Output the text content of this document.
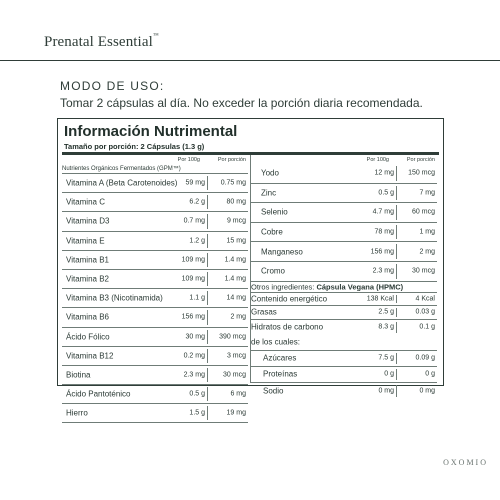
Prenatal Essential™
MODO DE USO:
Tomar 2 cápsulas al día. No exceder la porción diaria recomendada.
Información Nutrimental
Tamaño por porción: 2 Cápsulas (1.3 g)
Por 100g	Por porción
Nutrientes Orgánicos Fermentados (GPM™)
Vitamina A (Beta Carotenoides) 59 mg 0.75 mg
Vitamina C	6.2 g	80 mg
Vitamina D3	0.7 mg	9 mcg
Vitamina E	1.2 g	15 mg
Vitamina B1	109 mg	1.4 mg
Vitamina B2	109 mg	1.4 mg
Vitamina B3 (Nicotinamida)	1.1 g	14 mg
Vitamina B6	156 mg	2 mg
Ácido Fólico	30 mg 390 mcg
Vitamina B12	0.2 mg	3 mcg
Biotina	2.3 mg	30 mcg
Ácido Pantoténico	0.5 g	6 mg
Hierro	1.5 g	19 mg
Por 100g	Por porción
Yodo	12 mg 150 mcg
Zinc	0.5 g	7 mg
Selenio	4.7 mg	60 mcg
Cobre	78 mg	1 mg
Manganeso	156 mg	2 mg
Cromo	2.3 mg	30 mcg
Otros ingredientes: Cápsula Vegana (HPMC)
Contenido energético	138 Kcal	4 Kcal
Grasas	2.5 g	0.03 g
Hidratos de carbono	8.3 g	0.1 g
de los cuales:
Azúcares	7.5 g	0.09 g
Proteínas	0 g	0 g
Sodio	0 mg	0 mg
OXOMIO
